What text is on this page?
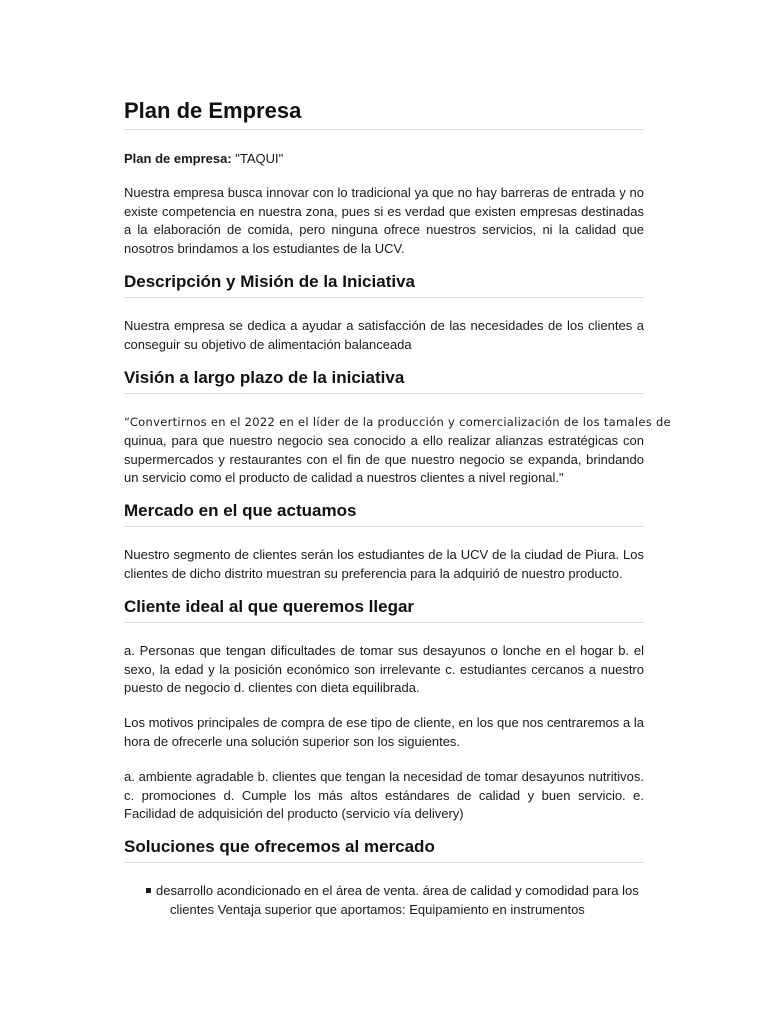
Plan de Empresa

Plan de empresa: "TAQUI"

Nuestra empresa busca innovar con lo tradicional ya que no hay barreras de entrada y no existe competencia en nuestra zona, pues si es verdad que existen empresas destinadas a la elaboración de comida, pero ninguna ofrece nuestros servicios, ni la calidad que nosotros brindamos a los estudiantes de la UCV.

Descripción y Misión de la Iniciativa

Nuestra empresa se dedica a ayudar a satisfacción de las necesidades de los clientes a conseguir su objetivo de alimentación balanceada

Visión a largo plazo de la iniciativa

“Convertirnos en el 2022 en el líder de la producción y comercialización de los tamales de

quinua, para que nuestro negocio sea conocido a ello realizar alianzas estratégicas con supermercados y restaurantes con el fin de que nuestro negocio se expanda, brindando un servicio como el producto de calidad a nuestros clientes a nivel regional."

Mercado en el que actuamos

Nuestro segmento de clientes serán los estudiantes de la UCV de la ciudad de Piura. Los clientes de dicho distrito muestran su preferencia para la adquirió de nuestro producto.

Cliente ideal al que queremos llegar

a. Personas que tengan dificultades de tomar sus desayunos o lonche en el hogar b. el sexo, la edad y la posición económico son irrelevante c. estudiantes cercanos a nuestro puesto de negocio d. clientes con dieta equilibrada.

Los motivos principales de compra de ese tipo de cliente, en los que nos centraremos a la hora de ofrecerle una solución superior son los siguientes.

a. ambiente agradable b. clientes que tengan la necesidad de tomar desayunos nutritivos. c. promociones d. Cumple los más altos estándares de calidad y buen servicio. e. Facilidad de adquisición del producto (servicio vía delivery)

Soluciones que ofrecemos al mercado
desarrollo acondicionado en el área de venta. área de calidad y comodidad para los
clientes Ventaja superior que aportamos: Equipamiento en instrumentos
